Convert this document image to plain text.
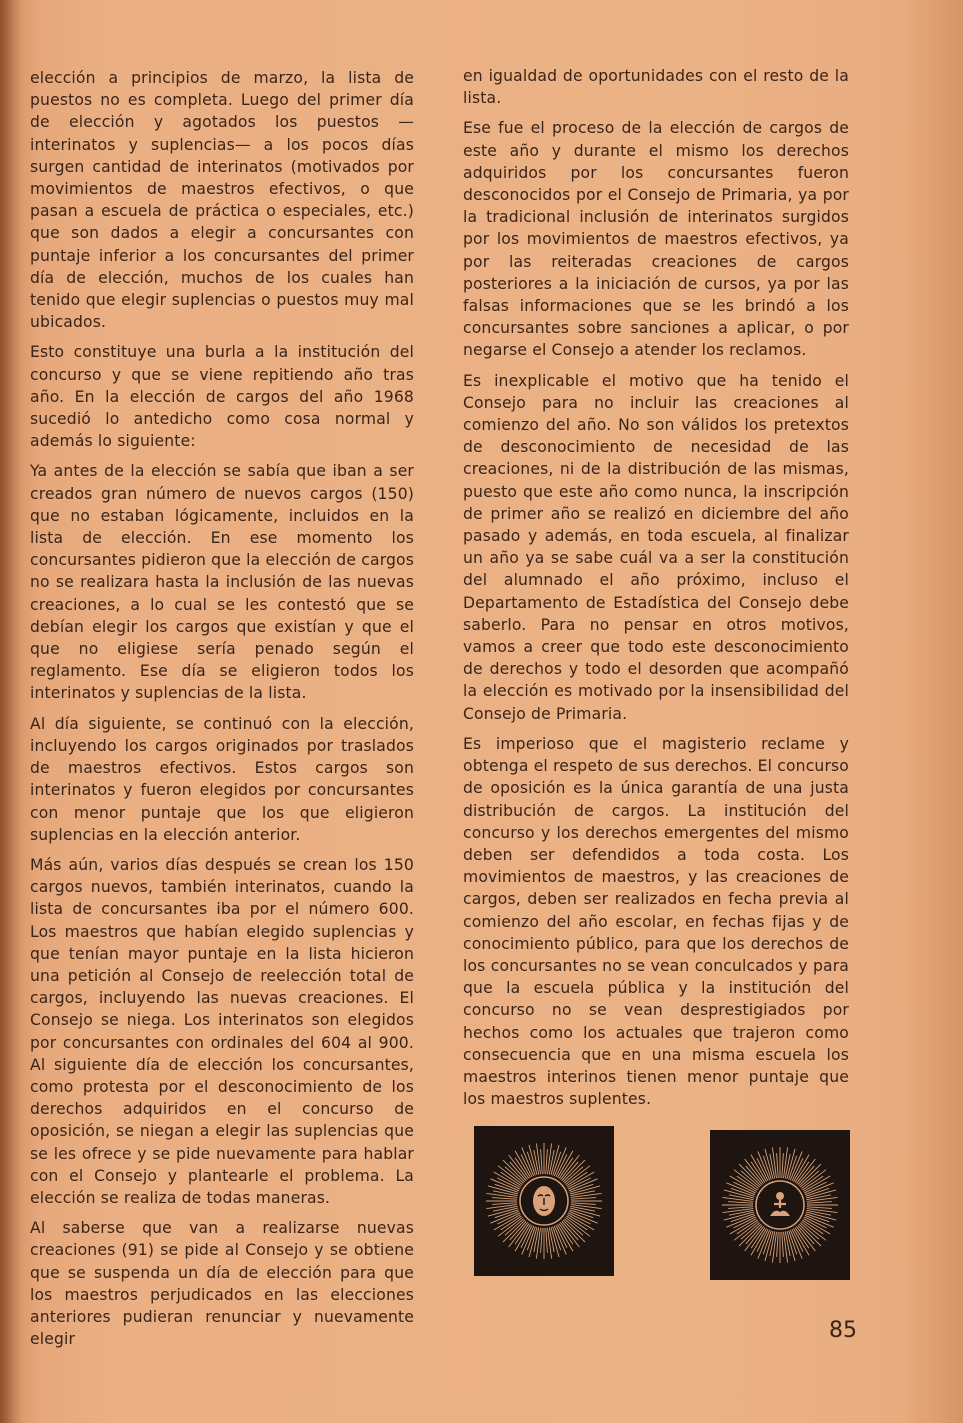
elección a principios de marzo, la lista de puestos no es completa. Luego del primer día de elección y agotados los puestos —interinatos y suplencias— a los pocos días surgen cantidad de interinatos (motivados por movimientos de maestros efectivos, o que pasan a escuela de práctica o especiales, etc.) que son dados a elegir a concursantes con puntaje inferior a los concursantes del primer día de elección, muchos de los cuales han tenido que elegir suplencias o puestos muy mal ubicados.

Esto constituye una burla a la institución del concurso y que se viene repitiendo año tras año. En la elección de cargos del año 1968 sucedió lo antedicho como cosa normal y además lo siguiente:

Ya antes de la elección se sabía que iban a ser creados gran número de nuevos cargos (150) que no estaban lógicamente, incluidos en la lista de elección. En ese momento los concursantes pidieron que la elección de cargos no se realizara hasta la inclusión de las nuevas creaciones, a lo cual se les contestó que se debían elegir los cargos que existían y que el que no eligiese sería penado según el reglamento. Ese día se eligieron todos los interinatos y suplencias de la lista.

Al día siguiente, se continuó con la elección, incluyendo los cargos originados por traslados de maestros efectivos. Estos cargos son interinatos y fueron elegidos por concursantes con menor puntaje que los que eligieron suplencias en la elección anterior.

Más aún, varios días después se crean los 150 cargos nuevos, también interinatos, cuando la lista de concursantes iba por el número 600. Los maestros que habían elegido suplencias y que tenían mayor puntaje en la lista hicieron una petición al Consejo de reelección total de cargos, incluyendo las nuevas creaciones. El Consejo se niega. Los interinatos son elegidos por concursantes con ordinales del 604 al 900. Al siguiente día de elección los concursantes, como protesta por el desconocimiento de los derechos adquiridos en el concurso de oposición, se niegan a elegir las suplencias que se les ofrece y se pide nuevamente para hablar con el Consejo y plantearle el problema. La elección se realiza de todas maneras.

Al saberse que van a realizarse nuevas creaciones (91) se pide al Consejo y se obtiene que se suspenda un día de elección para que los maestros perjudicados en las elecciones anteriores pudieran renunciar y nuevamente elegir

en igualdad de oportunidades con el resto de la lista.

Ese fue el proceso de la elección de cargos de este año y durante el mismo los derechos adquiridos por los concursantes fueron desconocidos por el Consejo de Primaria, ya por la tradicional inclusión de interinatos surgidos por los movimientos de maestros efectivos, ya por las reiteradas creaciones de cargos posteriores a la iniciación de cursos, ya por las falsas informaciones que se les brindó a los concursantes sobre sanciones a aplicar, o por negarse el Consejo a atender los reclamos.

Es inexplicable el motivo que ha tenido el Consejo para no incluir las creaciones al comienzo del año. No son válidos los pretextos de desconocimiento de necesidad de las creaciones, ni de la distribución de las mismas, puesto que este año como nunca, la inscripción de primer año se realizó en diciembre del año pasado y además, en toda escuela, al finalizar un año ya se sabe cuál va a ser la constitución del alumnado el año próximo, incluso el Departamento de Estadística del Consejo debe saberlo. Para no pensar en otros motivos, vamos a creer que todo este desconocimiento de derechos y todo el desorden que acompañó la elección es motivado por la insensibilidad del Consejo de Primaria.

Es imperioso que el magisterio reclame y obtenga el respeto de sus derechos. El concurso de oposición es la única garantía de una justa distribución de cargos. La institución del concurso y los derechos emergentes del mismo deben ser defendidos a toda costa. Los movimientos de maestros, y las creaciones de cargos, deben ser realizados en fecha previa al comienzo del año escolar, en fechas fijas y de conocimiento público, para que los derechos de los concursantes no se vean conculcados y para que la escuela pública y la institución del concurso no se vean desprestigiados por hechos como los actuales que trajeron como consecuencia que en una misma escuela los maestros interinos tienen menor puntaje que los maestros suplentes.

85
